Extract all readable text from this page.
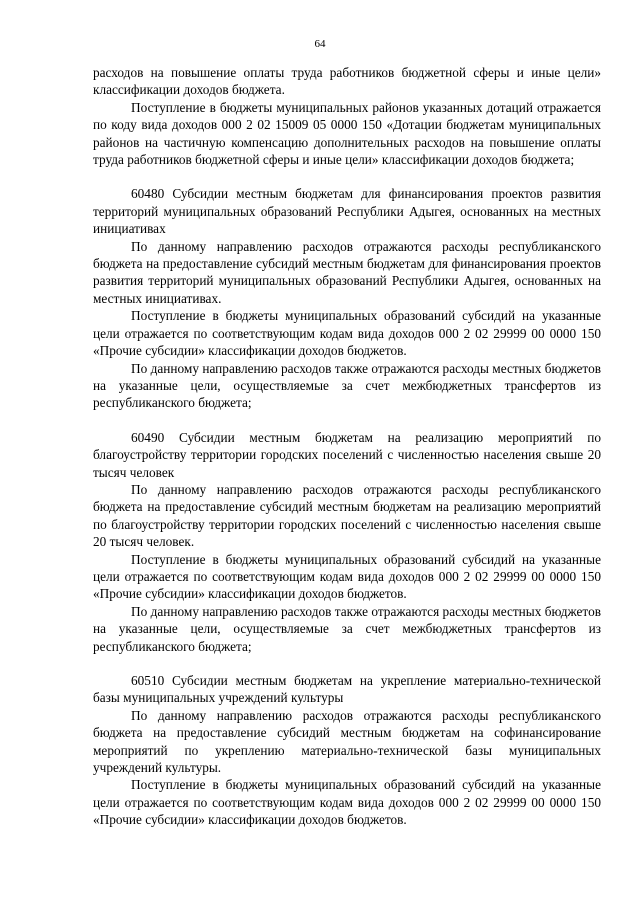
64

расходов на повышение оплаты труда работников бюджетной сферы и иные цели» классификации доходов бюджета.

Поступление в бюджеты муниципальных районов указанных дотаций отражается по коду вида доходов 000 2 02 15009 05 0000 150 «Дотации бюджетам муниципальных районов на частичную компенсацию дополнительных расходов на повышение оплаты труда работников бюджетной сферы и иные цели» классификации доходов бюджета;

60480 Субсидии местным бюджетам для финансирования проектов развития территорий муниципальных образований Республики Адыгея, основанных на местных инициативах

По данному направлению расходов отражаются расходы республиканского бюджета на предоставление субсидий местным бюджетам для финансирования проектов развития территорий муниципальных образований Республики Адыгея, основанных на местных инициативах.

Поступление в бюджеты муниципальных образований субсидий на указанные цели отражается по соответствующим кодам вида доходов 000 2 02 29999 00 0000 150 «Прочие субсидии» классификации доходов бюджетов.

По данному направлению расходов также отражаются расходы местных бюджетов на указанные цели, осуществляемые за счет межбюджетных трансфертов из республиканского бюджета;

60490 Субсидии местным бюджетам на реализацию мероприятий по благоустройству территории городских поселений с численностью населения свыше 20 тысяч человек

По данному направлению расходов отражаются расходы республиканского бюджета на предоставление субсидий местным бюджетам на реализацию мероприятий по благоустройству территории городских поселений с численностью населения свыше 20 тысяч человек.

Поступление в бюджеты муниципальных образований субсидий на указанные цели отражается по соответствующим кодам вида доходов 000 2 02 29999 00 0000 150 «Прочие субсидии» классификации доходов бюджетов.

По данному направлению расходов также отражаются расходы местных бюджетов на указанные цели, осуществляемые за счет межбюджетных трансфертов из республиканского бюджета;

60510 Субсидии местным бюджетам на укрепление материально-технической базы муниципальных учреждений культуры

По данному направлению расходов отражаются расходы республиканского бюджета на предоставление субсидий местным бюджетам на софинансирование мероприятий по укреплению материально-технической базы муниципальных учреждений культуры.

Поступление в бюджеты муниципальных образований субсидий на указанные цели отражается по соответствующим кодам вида доходов 000 2 02 29999 00 0000 150 «Прочие субсидии» классификации доходов бюджетов.
